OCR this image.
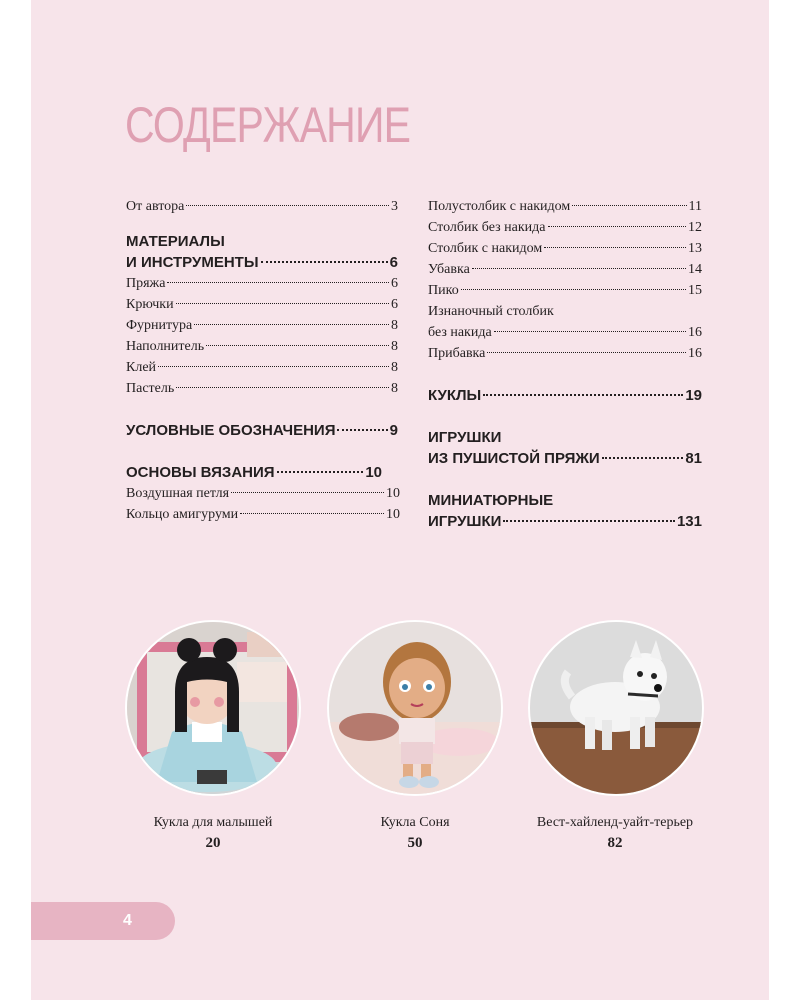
СОДЕРЖАНИЕ
От автора	3
МАТЕРИАЛЫ
И ИНСТРУМЕНТЫ	6
Пряжа	6
Крючки	6
Фурнитура	8
Наполнитель	8
Клей	8
Пастель	8
УСЛОВНЫЕ ОБОЗНАЧЕНИЯ	9
ОСНОВЫ ВЯЗАНИЯ	10
Воздушная петля	10
Кольцо амигуруми	10
Полустолбик с накидом	11
Столбик без накида	12
Столбик с накидом	13
Убавка	14
Пико	15
Изнаночный столбик
без накида	16
Прибавка	16
КУКЛЫ	19
ИГРУШКИ
ИЗ ПУШИСТОЙ ПРЯЖИ	81
МИНИАТЮРНЫЕ
ИГРУШКИ	131
Кукла для малышей
20
Кукла Соня
50
Вест-хайленд-уайт-терьер
82
4
